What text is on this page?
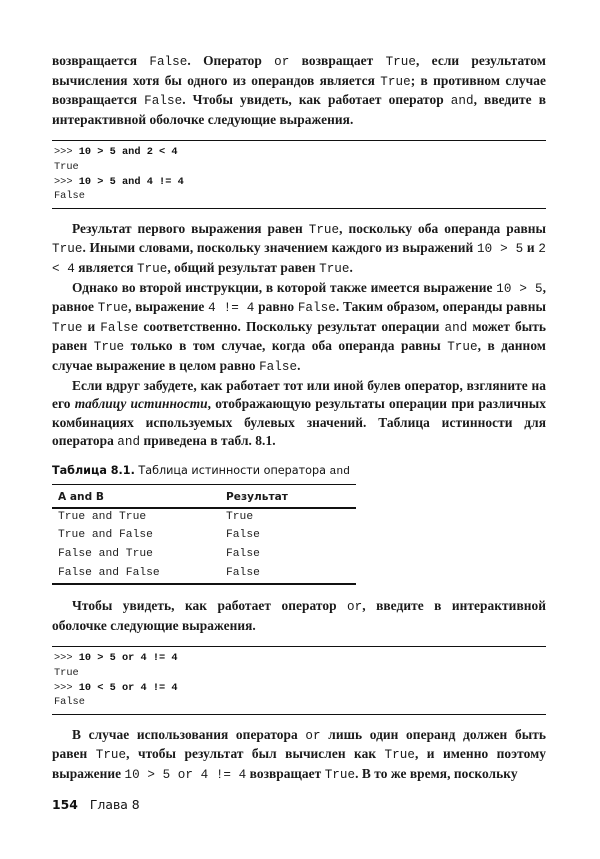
возвращается False. Оператор or возвращает True, если результатом вычисления хотя бы одного из операндов является True; в противном случае возвращается False. Чтобы увидеть, как работает оператор and, введите в интерактивной оболочке следующие выражения.

>>> 10 > 5 and 2 < 4
True
>>> 10 > 5 and 4 != 4
False

Результат первого выражения равен True, поскольку оба операнда равны True. Иными словами, поскольку значением каждого из выражений 10 > 5 и 2 < 4 является True, общий результат равен True.

Однако во второй инструкции, в которой также имеется выражение 10 > 5, равное True, выражение 4 != 4 равно False. Таким образом, операнды равны True и False соответственно. Поскольку результат операции and может быть равен True только в том случае, когда оба операнда равны True, в данном случае выражение в целом равно False.

Если вдруг забудете, как работает тот или иной булев оператор, взгляните на его таблицу истинности, отображающую результаты операции при различных комбинациях используемых булевых значений. Таблица истинности для оператора and приведена в табл. 8.1.

Таблица 8.1. Таблица истинности оператора and
A and B	Результат
True and True	True
True and False	False
False and True	False
False and False	False

Чтобы увидеть, как работает оператор or, введите в интерактивной оболочке следующие выражения.

>>> 10 > 5 or 4 != 4
True
>>> 10 < 5 or 4 != 4
False

В случае использования оператора or лишь один операнд должен быть равен True, чтобы результат был вычислен как True, и именно поэтому выражение 10 > 5 or 4 != 4 возвращает True. В то же время, поскольку

154 Глава 8
